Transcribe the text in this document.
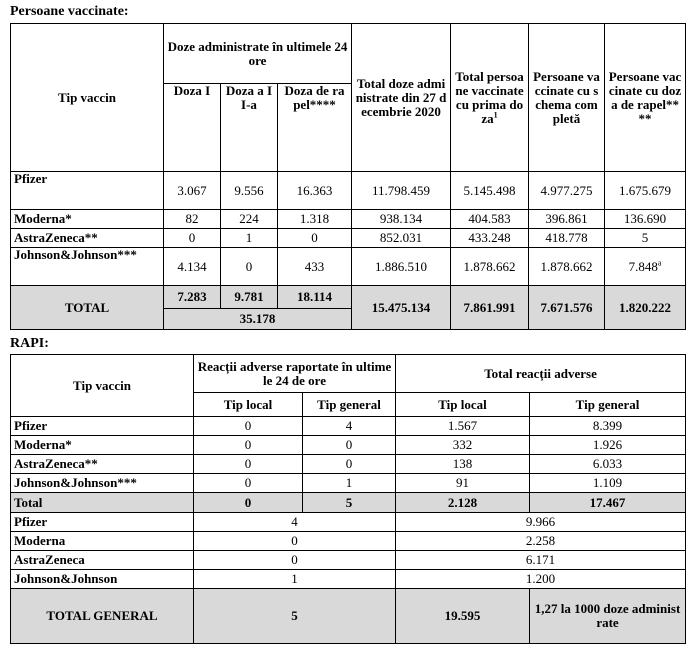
Persoane vaccinate:
Tip vaccin	Doze administrate în ultimele 24 ore			Total doze administrate din 27 decembrie 2020	Total persoane vaccinate cu prima doza$^1$	Persoane vaccinate cu schema completă	Persoane vaccinate cu doza de rapel****
	Doza I	Doza a II-a	Doza de rapel****				
Pfizer	3.067	9.556	16.363	11.798.459	5.145.498	4.977.275	1.675.679
Moderna*	82	224	1.318	938.134	404.583	396.861	136.690
AstraZeneca**	0	1	0	852.031	433.248	418.778	5
Johnson&Johnson***	4.134	0	433	1.886.510	1.878.662	1.878.662	7.848$^a$
TOTAL	7.283	9.781	18.114	15.475.134	7.861.991	7.671.576	1.820.222
	35.178						
RAPI:
Tip vaccin	Reacții adverse raportate în ultimele 24 de ore		Total reacții adverse	
	Tip local	Tip general	Tip local	Tip general
Pfizer	0	4	1.567	8.399
Moderna*	0	0	332	1.926
AstraZeneca**	0	0	138	6.033
Johnson&Johnson***	0	1	91	1.109
Total	0	5	2.128	17.467
Pfizer	4		9.966	
Moderna	0		2.258	
AstraZeneca	0		6.171	
Johnson&Johnson	1		1.200	
TOTAL GENERAL	5		19.595	1,27 la 1000 doze administrate
